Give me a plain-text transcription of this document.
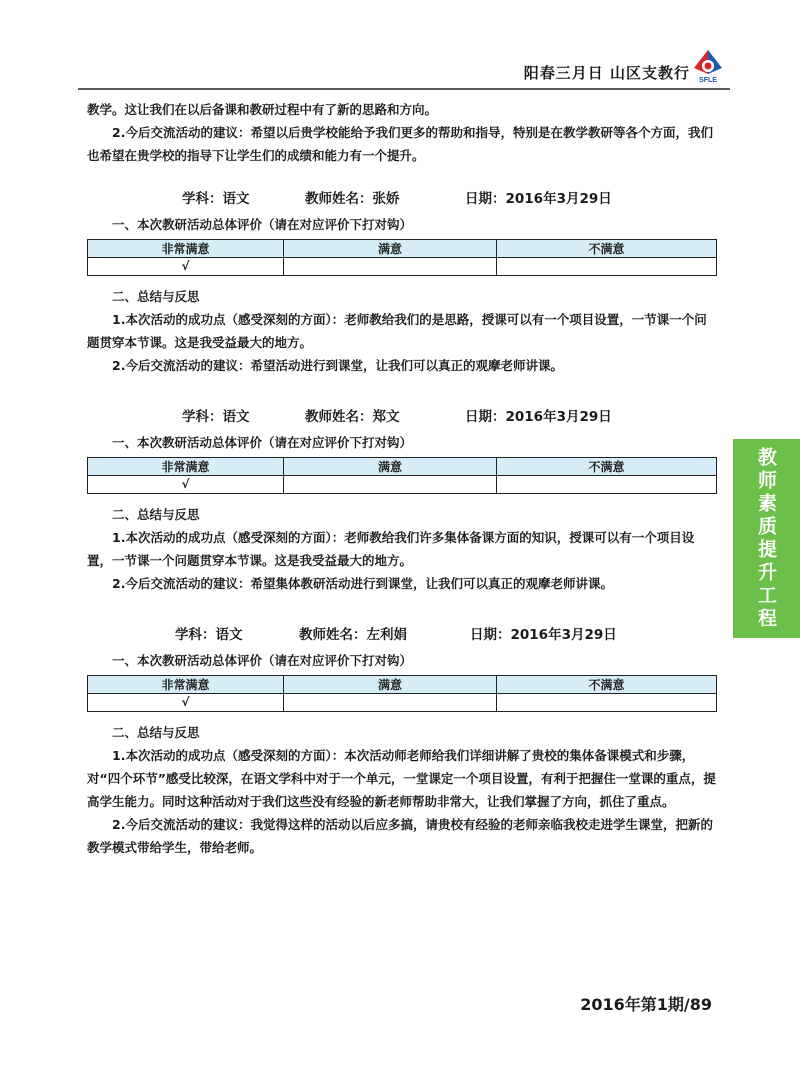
阳春三月日 山区支教行 SFLE

教学。这让我们在以后备课和教研过程中有了新的思路和方向。

2.今后交流活动的建议：希望以后贵学校能给予我们更多的帮助和指导，特别是在教学教研等各个方面，我们也希望在贵学校的指导下让学生们的成绩和能力有一个提升。

学科：语文	教师姓名：张娇	日期：2016年3月29日

一、本次教研活动总体评价（请在对应评价下打对钩）

非常满意	满意	不满意
√		

二、总结与反思

1.本次活动的成功点（感受深刻的方面）：老师教给我们的是思路，授课可以有一个项目设置，一节课一个问题贯穿本节课。这是我受益最大的地方。

2.今后交流活动的建议：希望活动进行到课堂，让我们可以真正的观摩老师讲课。

学科：语文	教师姓名：郑文	日期：2016年3月29日

一、本次教研活动总体评价（请在对应评价下打对钩）

非常满意	满意	不满意
√		

二、总结与反思

1.本次活动的成功点（感受深刻的方面）：老师教给我们许多集体备课方面的知识，授课可以有一个项目设置，一节课一个问题贯穿本节课。这是我受益最大的地方。

2.今后交流活动的建议：希望集体教研活动进行到课堂，让我们可以真正的观摩老师讲课。

学科：语文	教师姓名：左利娟	日期：2016年3月29日

一、本次教研活动总体评价（请在对应评价下打对钩）

非常满意	满意	不满意
√		

二、总结与反思

1.本次活动的成功点（感受深刻的方面）：本次活动师老师给我们详细讲解了贵校的集体备课模式和步骤，对“四个环节”感受比较深，在语文学科中对于一个单元，一堂课定一个项目设置，有利于把握住一堂课的重点，提高学生能力。同时这种活动对于我们这些没有经验的新老师帮助非常大，让我们掌握了方向，抓住了重点。

2.今后交流活动的建议：我觉得这样的活动以后应多搞，请贵校有经验的老师亲临我校走进学生课堂，把新的教学模式带给学生，带给老师。

教师素质提升工程
2016年第1期/89
